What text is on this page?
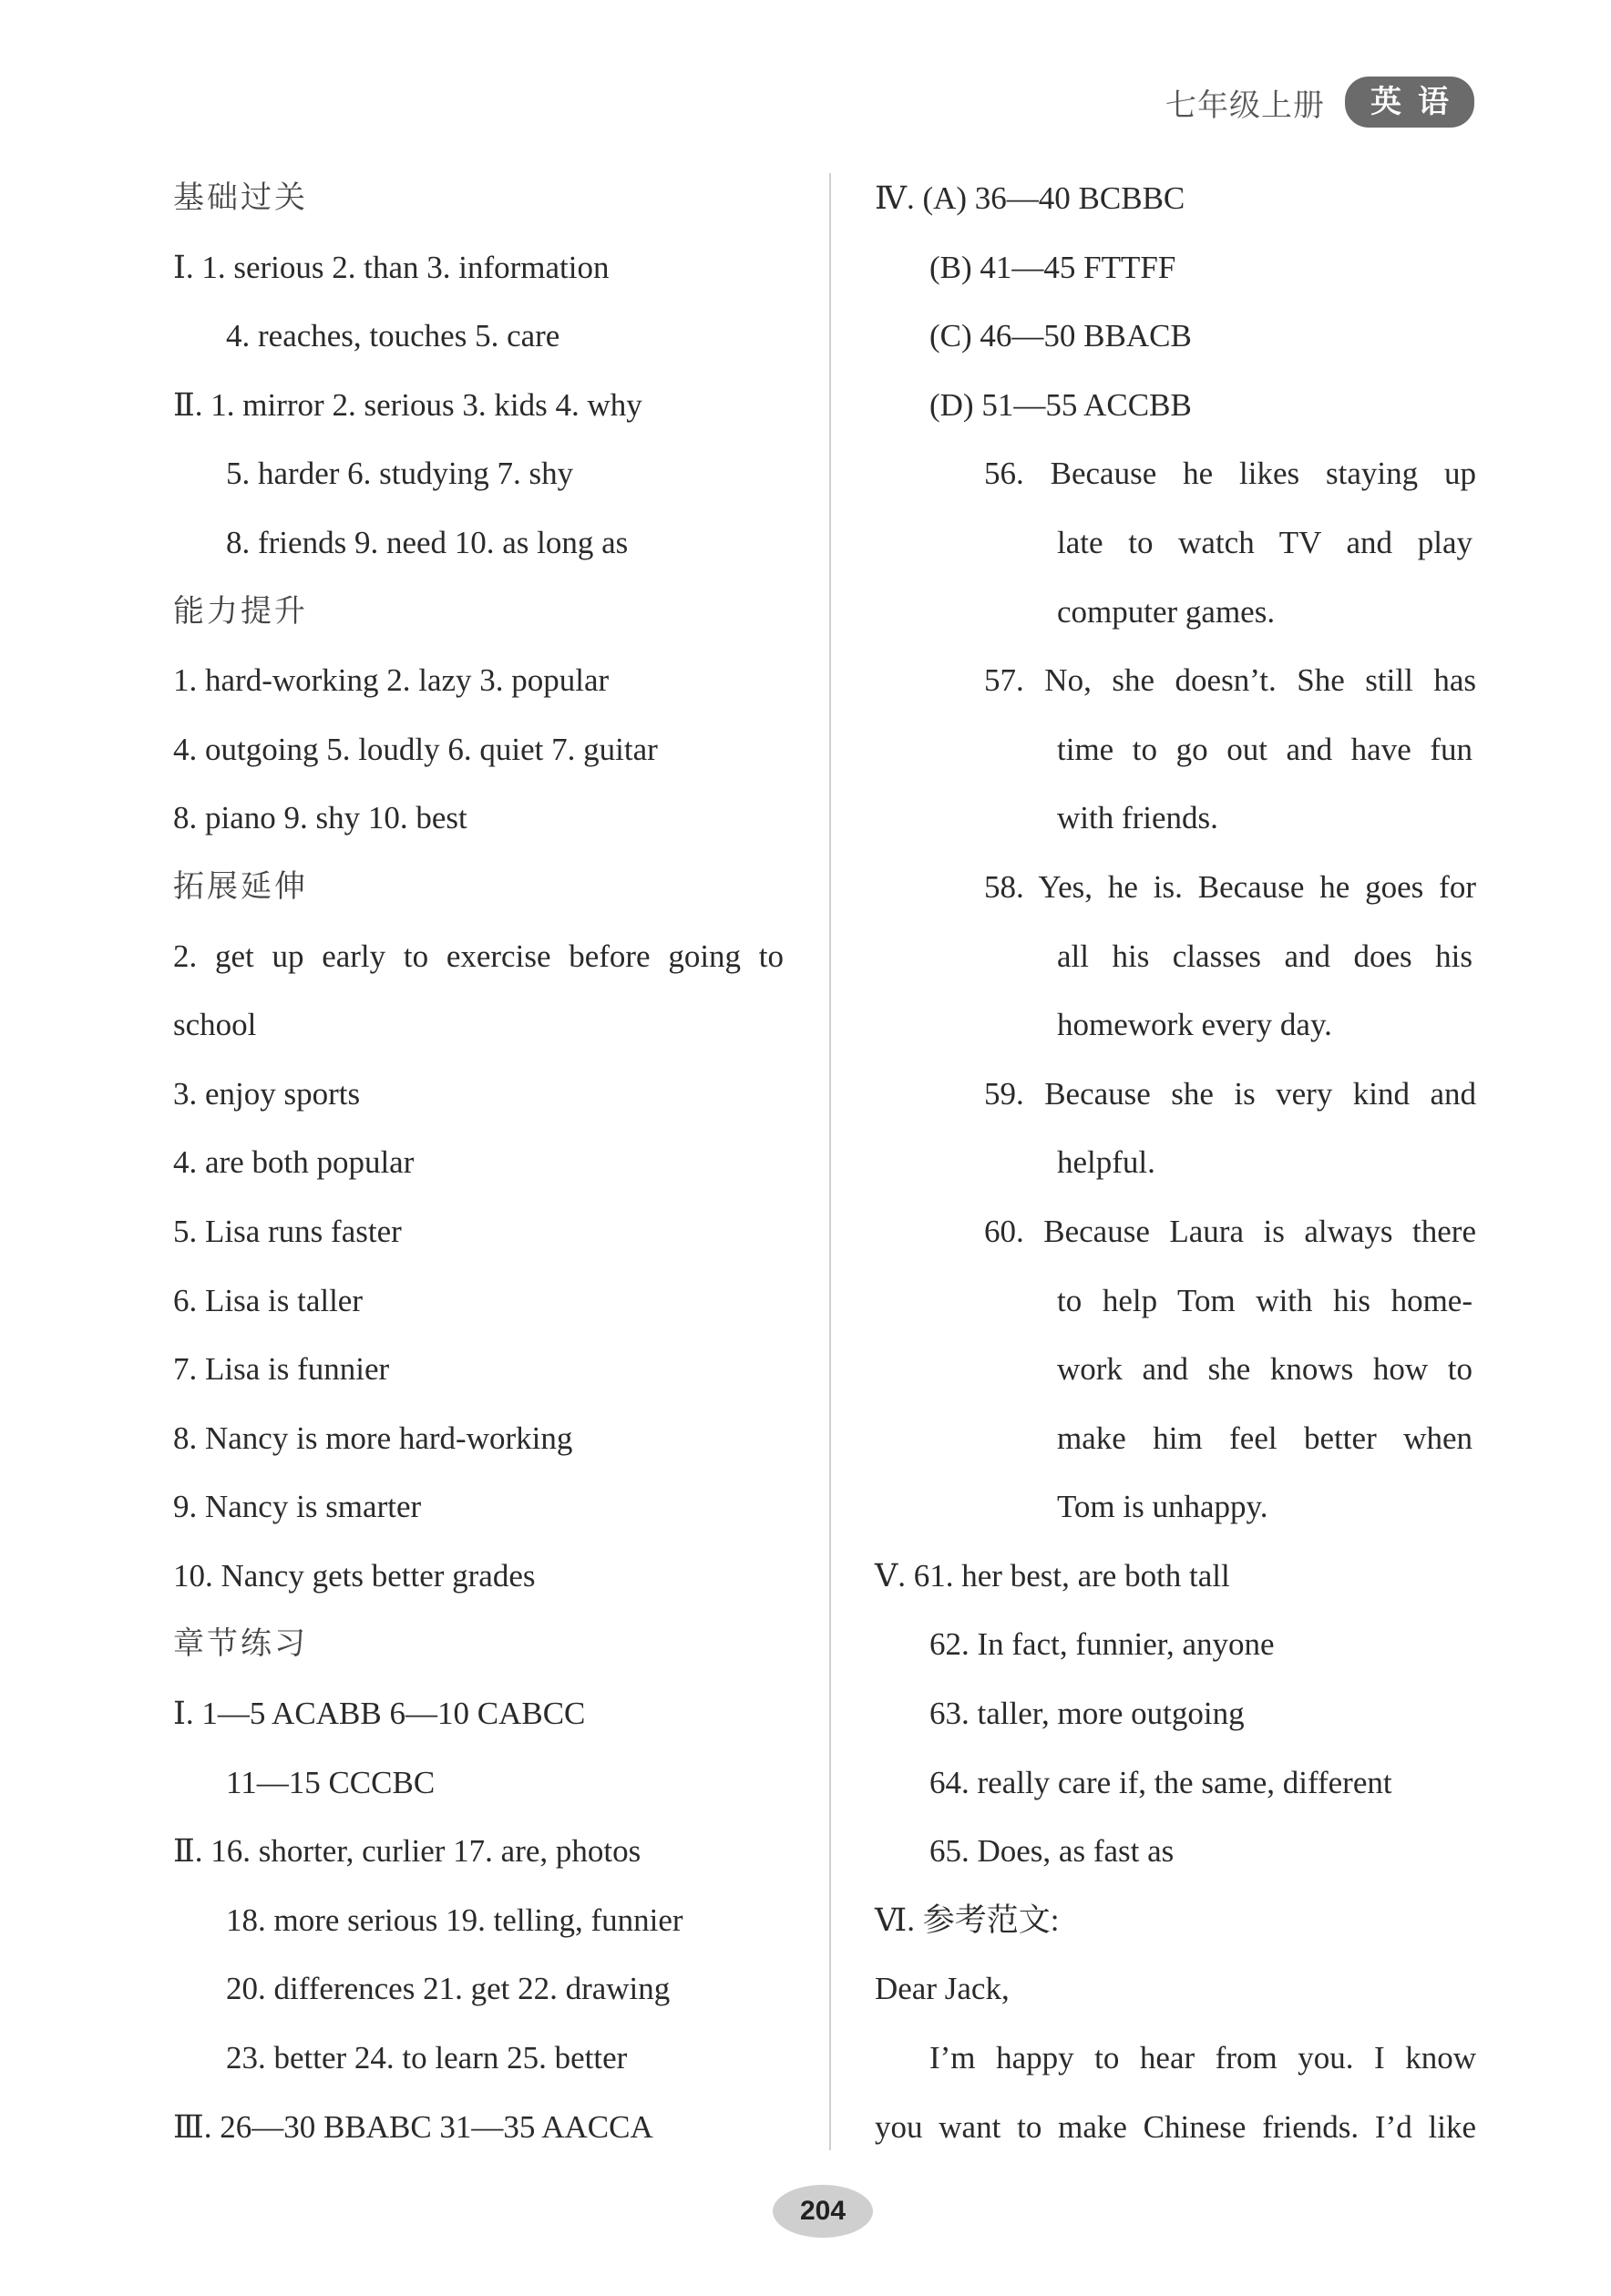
七年级上册	英语
基础过关
Ⅰ. 1. serious 2. than 3. information
4. reaches, touches 5. care
Ⅱ. 1. mirror 2. serious 3. kids 4. why
5. harder 6. studying 7. shy
8. friends 9. need 10. as long as
能力提升
1. hard-working 2. lazy 3. popular
4. outgoing 5. loudly 6. quiet 7. guitar
8. piano 9. shy 10. best
拓展延伸
2. get up early to exercise before going to
school
3. enjoy sports
4. are both popular
5. Lisa runs faster
6. Lisa is taller
7. Lisa is funnier
8. Nancy is more hard-working
9. Nancy is smarter
10. Nancy gets better grades
章节练习
Ⅰ. 1—5 ACABB 6—10 CABCC
11—15 CCCBC
Ⅱ. 16. shorter, curlier 17. are, photos
18. more serious 19. telling, funnier
20. differences 21. get 22. drawing
23. better 24. to learn 25. better
Ⅲ. 26—30 BBABC 31—35 AACCA
Ⅳ. (A) 36—40 BCBBC
(B) 41—45 FTTFF
(C) 46—50 BBACB
(D) 51—55 ACCBB
56. Because he likes staying up
late to watch TV and play
computer games.
57. No, she doesn’t. She still has
time to go out and have fun
with friends.
58. Yes, he is. Because he goes for
all his classes and does his
homework every day.
59. Because she is very kind and
helpful.
60. Because Laura is always there
to help Tom with his home-
work and she knows how to
make him feel better when
Tom is unhappy.
Ⅴ. 61. her best, are both tall
62. In fact, funnier, anyone
63. taller, more outgoing
64. really care if, the same, different
65. Does, as fast as
Ⅵ. 参考范文:
Dear Jack,
I’m happy to hear from you. I know
you want to make Chinese friends. I’d like
204
